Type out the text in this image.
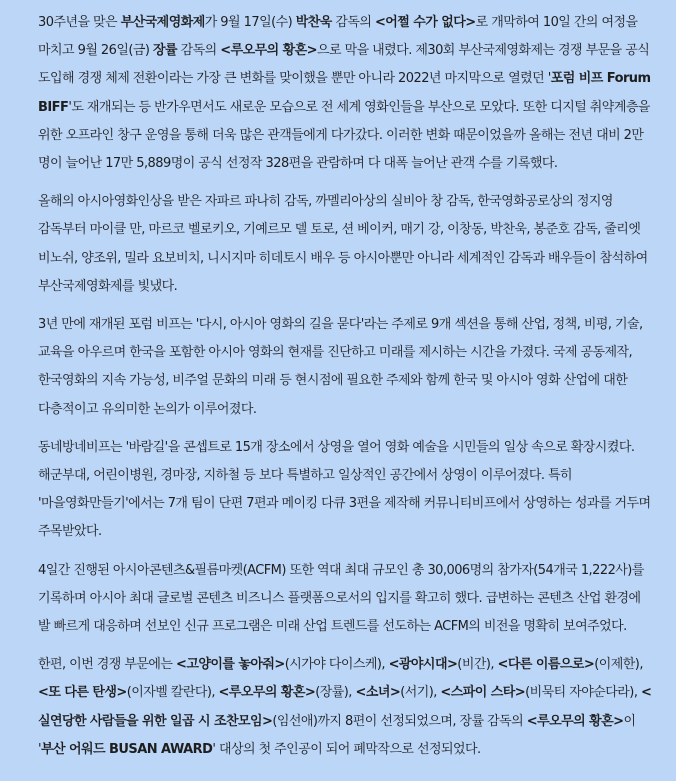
30주년을 맞은 부산국제영화제가 9월 17일(수) 박찬욱 감독의 <어쩔 수가 없다>로 개막하여 10일 간의 여정을 마치고 9월 26일(금) 장률 감독의 <루오무의 황혼>으로 막을 내렸다. 제30회 부산국제영화제는 경쟁 부문을 공식 도입해 경쟁 체제 전환이라는 가장 큰 변화를 맞이했을 뿐만 아니라 2022년 마지막으로 열렸던 '포럼 비프 Forum BIFF'도 재개되는 등 반가우면서도 새로운 모습으로 전 세계 영화인들을 부산으로 모았다. 또한 디지털 취약계층을 위한 오프라인 창구 운영을 통해 더욱 많은 관객들에게 다가갔다. 이러한 변화 때문이었을까 올해는 전년 대비 2만 명이 늘어난 17만 5,889명이 공식 선정작 328편을 관람하며 다 대폭 늘어난 관객 수를 기록했다.

올해의 아시아영화인상을 받은 자파르 파나히 감독, 까멜리아상의 실비아 창 감독, 한국영화공로상의 정지영 감독부터 마이클 만, 마르코 벨로키오, 기예르모 델 토로, 션 베이커, 매기 강, 이창동, 박찬욱, 봉준호 감독, 줄리엣 비노쉬, 양조위, 밀라 요보비치, 니시지마 히데토시 배우 등 아시아뿐만 아니라 세계적인 감독과 배우들이 참석하여 부산국제영화제를 빛냈다.

3년 만에 재개된 포럼 비프는 '다시, 아시아 영화의 길을 묻다'라는 주제로 9개 섹션을 통해 산업, 정책, 비평, 기술, 교육을 아우르며 한국을 포함한 아시아 영화의 현재를 진단하고 미래를 제시하는 시간을 가졌다. 국제 공동제작, 한국영화의 지속 가능성, 비주얼 문화의 미래 등 현시점에 필요한 주제와 함께 한국 및 아시아 영화 산업에 대한 다층적이고 유의미한 논의가 이루어졌다.

동네방네비프는 '바람길'을 콘셉트로 15개 장소에서 상영을 열어 영화 예술을 시민들의 일상 속으로 확장시켰다. 해군부대, 어린이병원, 경마장, 지하철 등 보다 특별하고 일상적인 공간에서 상영이 이루어졌다. 특히 '마을영화만들기'에서는 7개 팀이 단편 7편과 메이킹 다큐 3편을 제작해 커뮤니티비프에서 상영하는 성과를 거두며 주목받았다.

4일간 진행된 아시아콘텐츠&필름마켓(ACFM) 또한 역대 최대 규모인 총 30,006명의 참가자(54개국 1,222사)를 기록하며 아시아 최대 글로벌 콘텐츠 비즈니스 플랫폼으로서의 입지를 확고히 했다. 급변하는 콘텐츠 산업 환경에 발 빠르게 대응하며 선보인 신규 프로그램은 미래 산업 트렌드를 선도하는 ACFM의 비전을 명확히 보여주었다.

한편, 이번 경쟁 부문에는 <고양이를 놓아줘>(시가야 다이스케), <광야시대>(비간), <다른 이름으로>(이제한), <또 다른 탄생>(이자벨 칼란다), <루오무의 황혼>(장률), <소녀>(서기), <스파이 스타>(비묵티 자야순다라), <실연당한 사람들을 위한 일곱 시 조찬모임>(임선애)까지 8편이 선정되었으며, 장률 감독의 <루오무의 황혼>이 '부산 어워드 BUSAN AWARD' 대상의 첫 주인공이 되어 폐막작으로 선정되었다.
